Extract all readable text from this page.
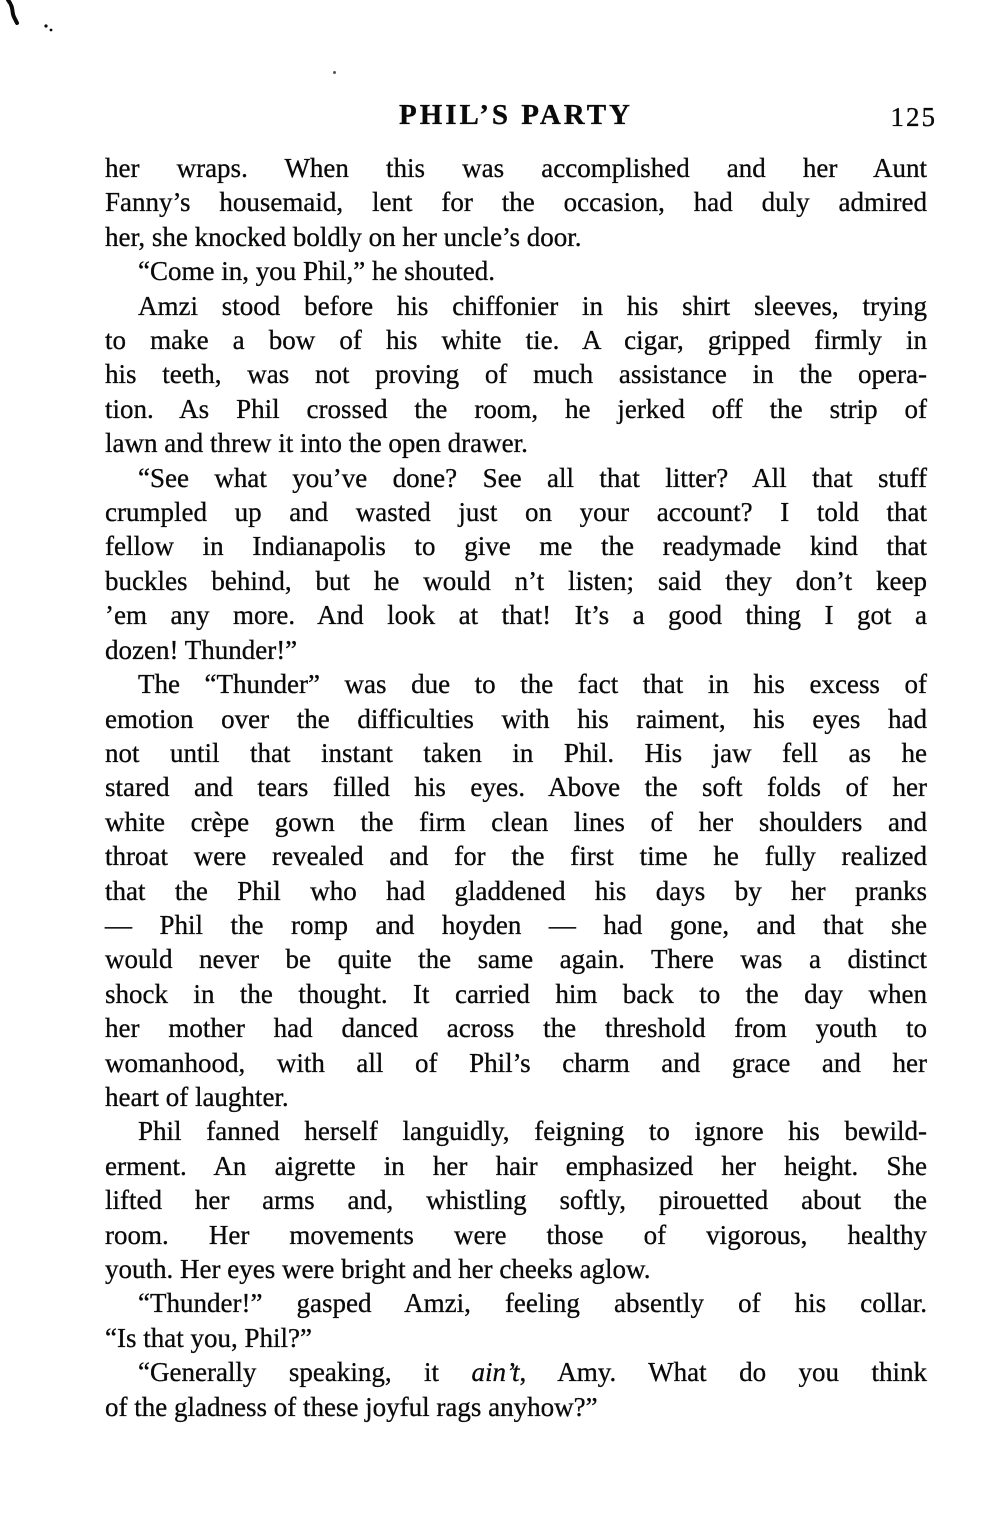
PHIL’S PARTY	125
her wraps. When this was accomplished and her Aunt
Fanny’s housemaid, lent for the occasion, had duly admired
her, she knocked boldly on her uncle’s door.
“Come in, you Phil,” he shouted.
Amzi stood before his chiffonier in his shirt sleeves, trying
to make a bow of his white tie. A cigar, gripped firmly in
his teeth, was not proving of much assistance in the opera-
tion. As Phil crossed the room, he jerked off the strip of
lawn and threw it into the open drawer.
“See what you’ve done? See all that litter? All that stuff
crumpled up and wasted just on your account? I told that
fellow in Indianapolis to give me the readymade kind that
buckles behind, but he would n’t listen; said they don’t keep
’em any more. And look at that! It’s a good thing I got a
dozen! Thunder!”
The “Thunder” was due to the fact that in his excess of
emotion over the difficulties with his raiment, his eyes had
not until that instant taken in Phil. His jaw fell as he
stared and tears filled his eyes. Above the soft folds of her
white crèpe gown the firm clean lines of her shoulders and
throat were revealed and for the first time he fully realized
that the Phil who had gladdened his days by her pranks
— Phil the romp and hoyden — had gone, and that she
would never be quite the same again. There was a distinct
shock in the thought. It carried him back to the day when
her mother had danced across the threshold from youth to
womanhood, with all of Phil’s charm and grace and her
heart of laughter.
Phil fanned herself languidly, feigning to ignore his bewild-
erment. An aigrette in her hair emphasized her height. She
lifted her arms and, whistling softly, pirouetted about the
room. Her movements were those of vigorous, healthy
youth. Her eyes were bright and her cheeks aglow.
“Thunder!” gasped Amzi, feeling absently of his collar.
“Is that you, Phil?”
“Generally speaking, it ain’t, Amy. What do you think
of the gladness of these joyful rags anyhow?”
